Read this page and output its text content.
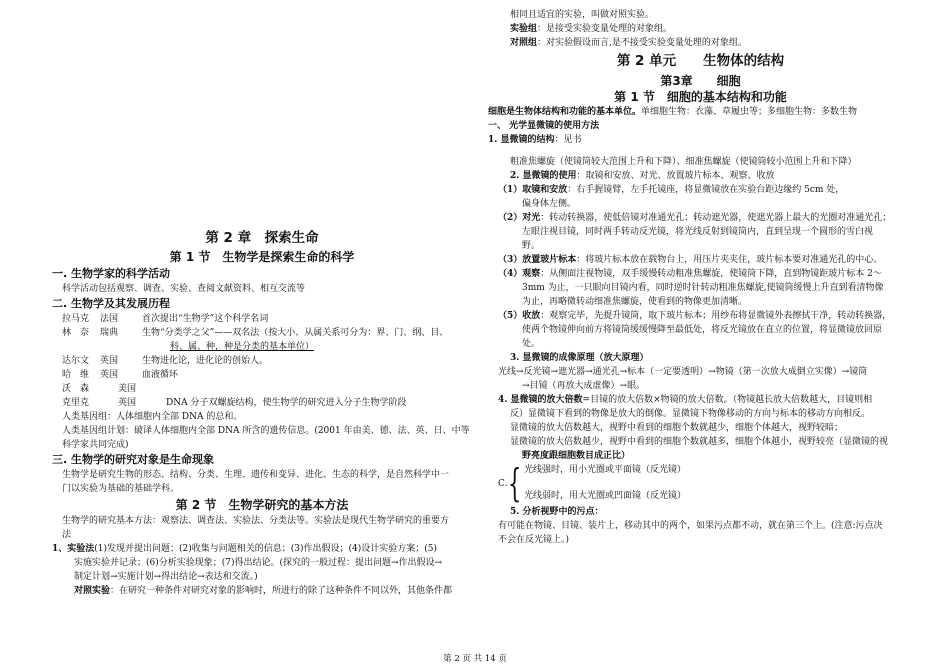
第 2 章　探索生命
第 1 节　生物学是探索生命的科学
一. 生物学家的科学活动
科学活动包括观察、调查、实验、查阅文献资料、相互交流等
二. 生物学及其发展历程
拉马克	法国	首次提出“生物学”这个科学名词
林　奈	瑞典	生物“分类学之父”——双名法（按大小、从属关系可分为：界、门、纲、目、
科、属、种，种是分类的基本单位）
达尔文	英国	生物进化论，进化论的创始人。
哈　维	英国	血液循环
沃　森	美国
克里克	英国	DNA 分子双螺旋结构，使生物学的研究进入分子生物学阶段
人类基因组：人体细胞内全部 DNA 的总和。
人类基因组计划：破译人体细胞内全部 DNA 所含的遗传信息。(2001 年由美、德、法、英、日、中等
科学家共同完成)
三. 生物学的研究对象是生命现象
生物学是研究生物的形态、结构、分类、生理、遗传和变异、进化、生态的科学，是自然科学中一
门以实验为基础的基础学科。
第 2 节　生物学研究的基本方法
生物学的研究基本方法：观察法、调查法、实验法、分类法等。实验法是现代生物学研究的重要方
法
1、实验法(1)发现并提出问题；(2)收集与问题相关的信息；(3)作出假设；(4)设计实验方案；(5)
实施实验并记录；(6)分析实验现象；(7)得出结论。(探究的一般过程：提出问题→作出假设→
制定计划→实施计划→得出结论→表达和交流。)
对照实验：在研究一种条件对研究对象的影响时，所进行的除了这种条件不同以外，其他条件都
相同且适宜的实验，叫做对照实验。
实验组：是接受实验变量处理的对象组。
对照组：对实验假设而言,是不接受实验变量处理的对象组。
第 2 单元　　生物体的结构
第3章　　细胞
第 1 节　细胞的基本结构和功能
细胞是生物体结构和功能的基本单位。单细胞生物：衣藻、草履虫等；多细胞生物：多数生物
一、 光学显微镜的使用方法
1. 显微镜的结构：见书
粗准焦螺旋（使镜筒较大范围上升和下降）、细准焦螺旋（使镜筒较小范围上升和下降）
2. 显微镜的使用：取镜和安放、对光、放置玻片标本、观察、收放
（1）取镜和安放：右手握镜臂，左手托镜座，将显微镜放在实验台距边缘约 5cm 处，
偏身体左侧。
（2）对光：转动转换器，使低倍镜对准通光孔；转动遮光器，使遮光器上最大的光圈对准通光孔；
左眼注视目镜，同时两手转动反光镜，将光线反射到镜筒内，直到呈现一个圆形的雪白视
野。
（3）放置玻片标本：将玻片标本放在载物台上，用压片夹夹住，玻片标本要对准通光孔的中心。
（4）观察：从侧面注视物镜，双手缓慢转动粗准焦螺旋，使镜筒下降，直到物镜距玻片标本 2～
3mm 为止，一只眼向目镜内看，同时逆时针转动粗准焦螺旋,使镜筒缓慢上升直到看清物像
为止，再略微转动细准焦螺旋，使看到的物像更加清晰。
（5）收放：观察完毕，先提升镜筒，取下玻片标本；用纱布将显微镜外表擦拭干净，转动转换器，
使两个物镜伸向前方将镜筒缓缓慢降至最低处，将反光镜放在直立的位置，将显微镜放回原
处。
3. 显微镜的成像原理（放大原理）
光线→反光镜→遮光器→通光孔→标本（一定要透明）→物镜（第一次放大成倒立实像）→镜筒
→目镜（再放大成虚像）→眼。
4. 显微镜的放大倍数=目镜的放大倍数×物镜的放大倍数。（物镜越长放大倍数越大，目镜则相
反）显微镜下看到的物像是放大的倒像。显微镜下物像移动的方向与标本的移动方向相反。
显微镜的放大倍数越大，视野中看到的细胞个数就越少，细胞个体越大，视野较暗；
显微镜的放大倍数越少，视野中看到的细胞个数就越多，细胞个体越小，视野较亮（显微镜的视
野亮度跟细胞数目成正比）
C. { 光线强时，用小光圈或平面镜（反光镜）
光线弱时，用大光圈或凹面镜（反光镜）
5. 分析视野中的污点：
有可能在物镜、目镜、装片上，移动其中的两个，如果污点都不动，就在第三个上。(注意:污点决
不会在反光镜上。)
第 2 页 共 14 页
